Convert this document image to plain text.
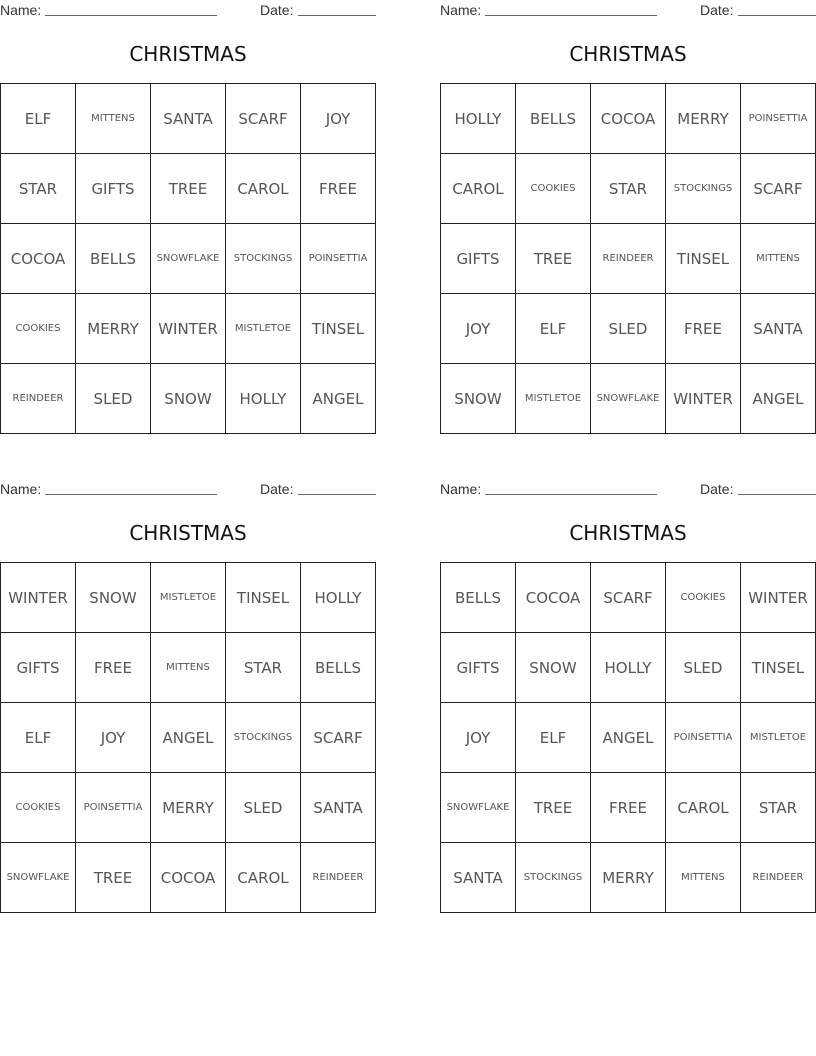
Name:	Date:
CHRISTMAS
ELF	MITTENS	SANTA	SCARF	JOY
STAR	GIFTS	TREE	CAROL	FREE
COCOA	BELLS	SNOWFLAKE	STOCKINGS	POINSETTIA
COOKIES	MERRY	WINTER	MISTLETOE	TINSEL
REINDEER	SLED	SNOW	HOLLY	ANGEL
Name:	Date:
CHRISTMAS
HOLLY	BELLS	COCOA	MERRY	POINSETTIA
CAROL	COOKIES	STAR	STOCKINGS	SCARF
GIFTS	TREE	REINDEER	TINSEL	MITTENS
JOY	ELF	SLED	FREE	SANTA
SNOW	MISTLETOE	SNOWFLAKE	WINTER	ANGEL
Name:	Date:
CHRISTMAS
WINTER	SNOW	MISTLETOE	TINSEL	HOLLY
GIFTS	FREE	MITTENS	STAR	BELLS
ELF	JOY	ANGEL	STOCKINGS	SCARF
COOKIES	POINSETTIA	MERRY	SLED	SANTA
SNOWFLAKE	TREE	COCOA	CAROL	REINDEER
Name:	Date:
CHRISTMAS
BELLS	COCOA	SCARF	COOKIES	WINTER
GIFTS	SNOW	HOLLY	SLED	TINSEL
JOY	ELF	ANGEL	POINSETTIA	MISTLETOE
SNOWFLAKE	TREE	FREE	CAROL	STAR
SANTA	STOCKINGS	MERRY	MITTENS	REINDEER
